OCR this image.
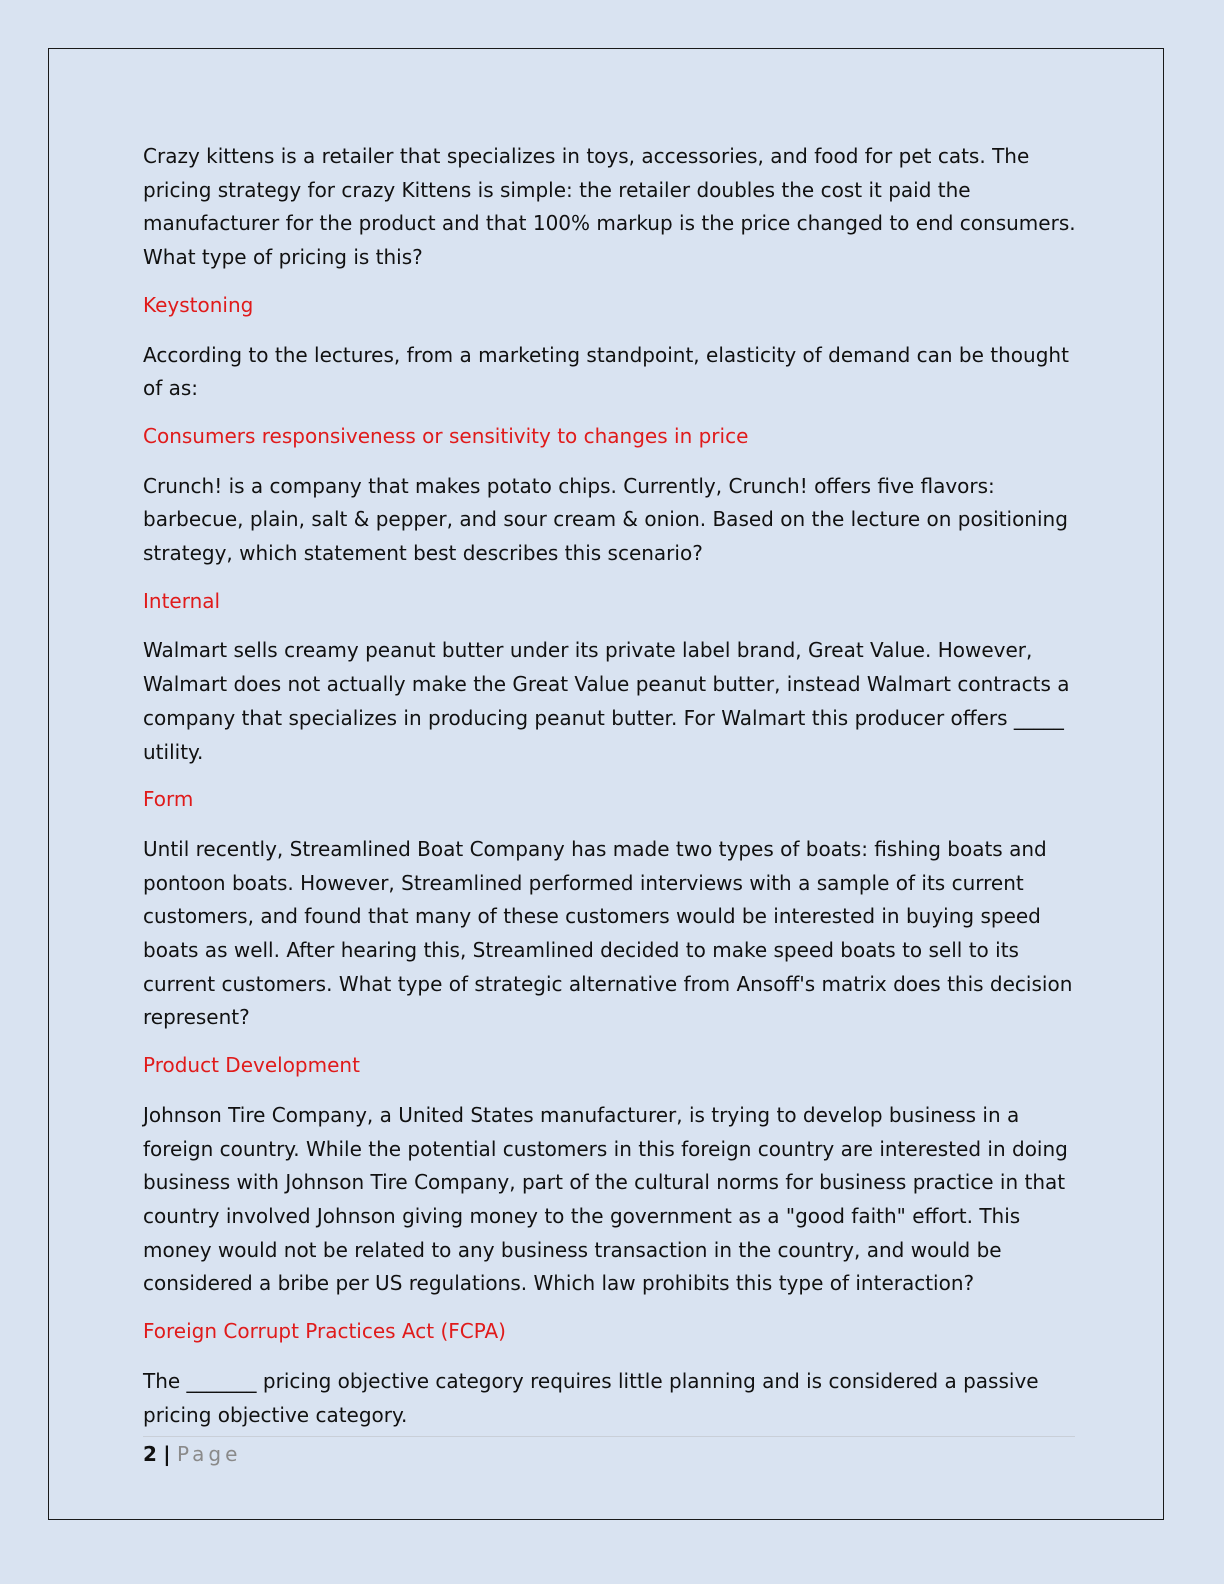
Crazy kittens is a retailer that specializes in toys, accessories, and food for pet cats. The pricing strategy for crazy Kittens is simple: the retailer doubles the cost it paid the manufacturer for the product and that 100% markup is the price changed to end consumers. What type of pricing is this?

Keystoning

According to the lectures, from a marketing standpoint, elasticity of demand can be thought of as:

Consumers responsiveness or sensitivity to changes in price

Crunch! is a company that makes potato chips. Currently, Crunch! offers five flavors: barbecue, plain, salt & pepper, and sour cream & onion. Based on the lecture on positioning strategy, which statement best describes this scenario?

Internal

Walmart sells creamy peanut butter under its private label brand, Great Value. However, Walmart does not actually make the Great Value peanut butter, instead Walmart contracts a company that specializes in producing peanut butter. For Walmart this producer offers _____ utility.

Form

Until recently, Streamlined Boat Company has made two types of boats: fishing boats and pontoon boats. However, Streamlined performed interviews with a sample of its current customers, and found that many of these customers would be interested in buying speed boats as well. After hearing this, Streamlined decided to make speed boats to sell to its current customers. What type of strategic alternative from Ansoff's matrix does this decision represent?

Product Development

Johnson Tire Company, a United States manufacturer, is trying to develop business in a foreign country. While the potential customers in this foreign country are interested in doing business with Johnson Tire Company, part of the cultural norms for business practice in that country involved Johnson giving money to the government as a "good faith" effort. This money would not be related to any business transaction in the country, and would be considered a bribe per US regulations. Which law prohibits this type of interaction?

Foreign Corrupt Practices Act (FCPA)

The _______ pricing objective category requires little planning and is considered a passive pricing objective category.

2 | Page
